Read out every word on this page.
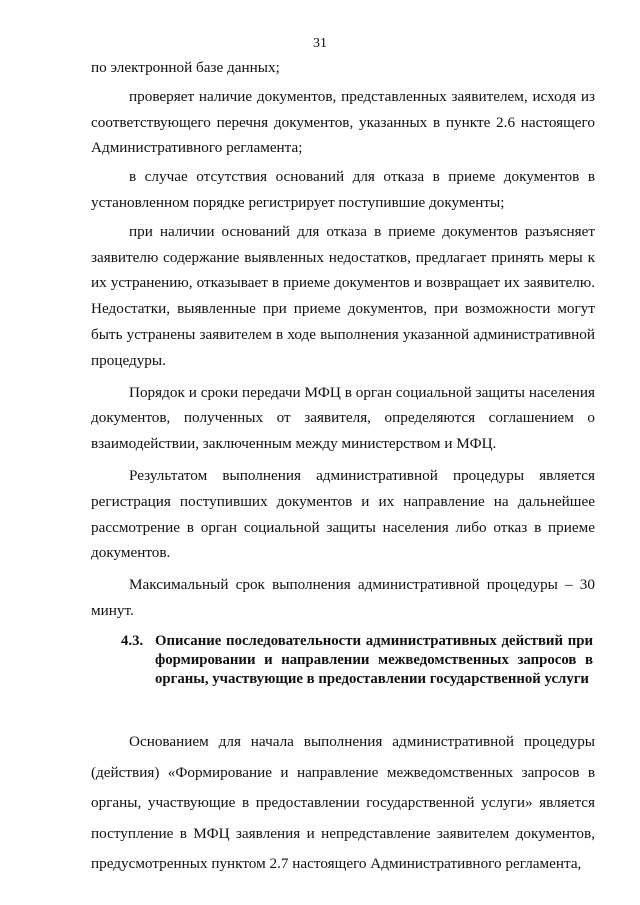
31

по электронной базе данных;

проверяет наличие документов, представленных заявителем, исходя из соответствующего перечня документов, указанных в пункте 2.6 настоящего Административного регламента;

в случае отсутствия оснований для отказа в приеме документов в установленном порядке регистрирует поступившие документы;

при наличии оснований для отказа в приеме документов разъясняет заявителю содержание выявленных недостатков, предлагает принять меры к их устранению, отказывает в приеме документов и возвращает их заявителю. Недостатки, выявленные при приеме документов, при возможности могут быть устранены заявителем в ходе выполнения указанной административной процедуры.

Порядок и сроки передачи МФЦ в орган социальной защиты населения документов, полученных от заявителя, определяются соглашением о взаимодействии, заключенным между министерством и МФЦ.

Результатом выполнения административной процедуры является регистрация поступивших документов и их направление на дальнейшее рассмотрение в орган социальной защиты населения либо отказ в приеме документов.

Максимальный срок выполнения административной процедуры – 30 минут.

4.3. Описание последовательности административных действий при формировании и направлении межведомственных запросов в органы, участвующие в предоставлении государственной услуги

Основанием для начала выполнения административной процедуры (действия) «Формирование и направление межведомственных запросов в органы, участвующие в предоставлении государственной услуги» является поступление в МФЦ заявления и непредставление заявителем документов, предусмотренных пунктом 2.7 настоящего Административного регламента,
